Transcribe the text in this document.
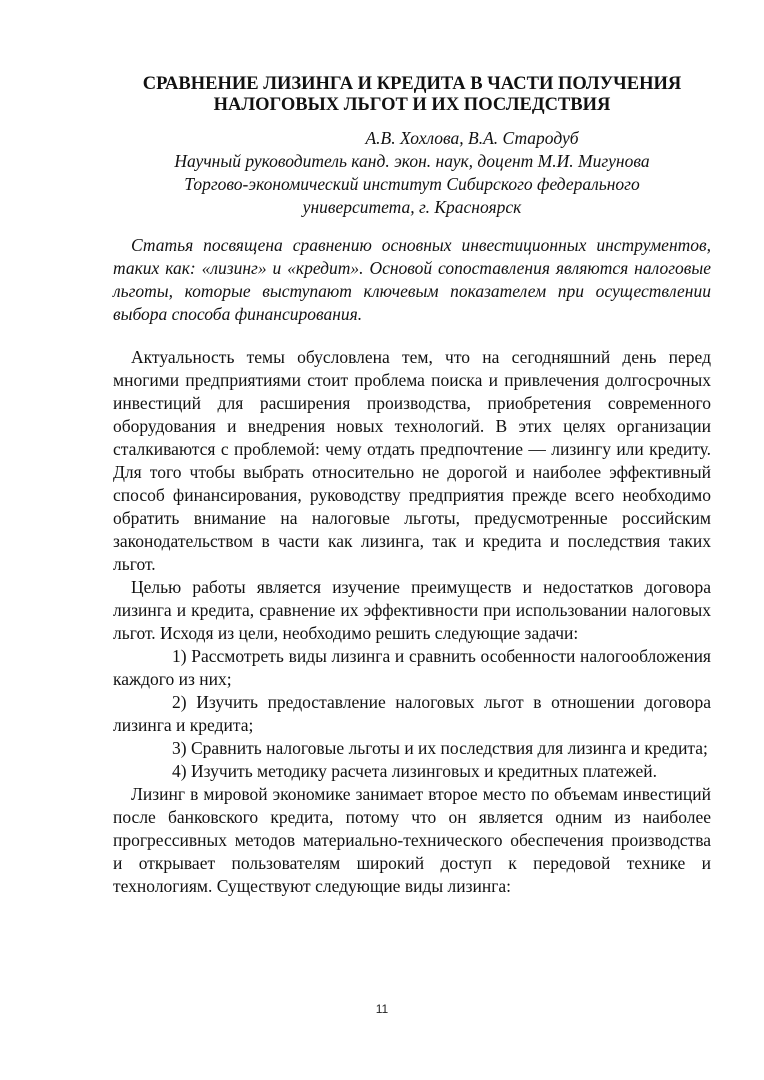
СРАВНЕНИЕ ЛИЗИНГА И КРЕДИТА В ЧАСТИ ПОЛУЧЕНИЯ
НАЛОГОВЫХ ЛЬГОТ И ИХ ПОСЛЕДСТВИЯ
А.В. Хохлова, В.А. Стародуб
Научный руководитель канд. экон. наук, доцент М.И. Мигунова
Торгово-экономический институт Сибирского федерального
университета, г. Красноярск

Статья посвящена сравнению основных инвестиционных инструментов, таких как: «лизинг» и «кредит». Основой сопоставления являются налоговые льготы, которые выступают ключевым показателем при осуществлении выбора способа финансирования.

Актуальность темы обусловлена тем, что на сегодняшний день перед многими предприятиями стоит проблема поиска и привлечения долгосрочных инвестиций для расширения производства, приобретения современного оборудования и внедрения новых технологий. В этих целях организации сталкиваются с проблемой: чему отдать предпочтение — лизингу или кредиту. Для того чтобы выбрать относительно не дорогой и наиболее эффективный способ финансирования, руководству предприятия прежде всего необходимо обратить внимание на налоговые льготы, предусмотренные российским законодательством в части как лизинга, так и кредита и последствия таких льгот.

Целью работы является изучение преимуществ и недостатков договора лизинга и кредита, сравнение их эффективности при использовании налоговых льгот. Исходя из цели, необходимо решить следующие задачи:

1) Рассмотреть виды лизинга и сравнить особенности налогообложения каждого из них;

2) Изучить предоставление налоговых льгот в отношении договора лизинга и кредита;

3) Сравнить налоговые льготы и их последствия для лизинга и кредита;

4) Изучить методику расчета лизинговых и кредитных платежей.

Лизинг в мировой экономике занимает второе место по объемам инвестиций после банковского кредита, потому что он является одним из наиболее прогрессивных методов материально-технического обеспечения производства и открывает пользователям широкий доступ к передовой технике и технологиям. Существуют следующие виды лизинга:

11
